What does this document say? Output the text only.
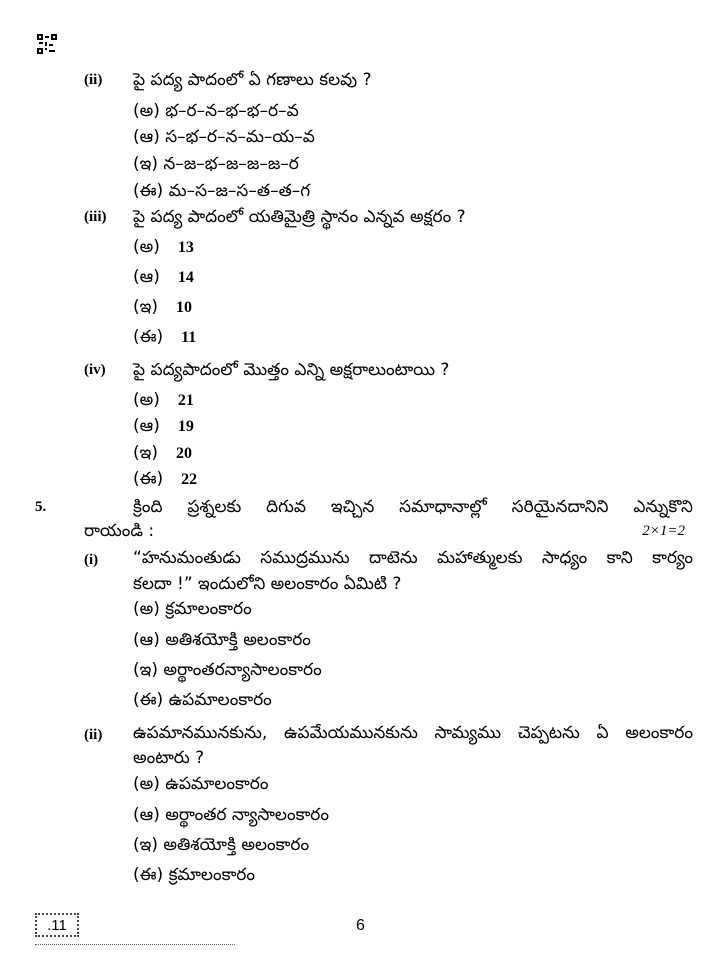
(ii) పై పద్య పాదంలో ఏ గణాలు కలవు ?
(అ) భ–ర–న–భ–భ–ర–వ
(ఆ) స–భ–ర–న–మ–య–వ
(ఇ) న–జ–భ–జ–జ–జ–ర
(ఈ) మ–స–జ–స–త–త–గ
(iii) పై పద్య పాదంలో యతిమైత్రి స్థానం ఎన్నవ అక్షరం ?
(అ) 13
(ఆ) 14
(ఇ) 10
(ఈ) 11
(iv) పై పద్యపాదంలో మొత్తం ఎన్ని అక్షరాలుంటాయి ?
(అ) 21
(ఆ) 19
(ఇ) 20
(ఈ) 22
5.	క్రింది ప్రశ్నలకు దిగువ ఇచ్చిన సమాధానాల్లో సరియైనదానిని ఎన్నుకొని
రాయండి :	2×1=2
(i) “హనుమంతుడు సముద్రమును దాటెను మహాత్ములకు సాధ్యం కాని కార్యం
కలదా !” ఇందులోని అలంకారం ఏమిటి ?
(అ) క్రమాలంకారం
(ఆ) అతిశయోక్తి అలంకారం
(ఇ) అర్థాంతరన్యాసాలంకారం
(ఈ) ఉపమాలంకారం
(ii) ఉపమానమునకును, ఉపమేయమునకును సామ్యము చెప్పటను ఏ అలంకారం
అంటారు ?
(అ) ఉపమాలంకారం
(ఆ) అర్థాంతర న్యాసాలంకారం
(ఇ) అతిశయోక్తి అలంకారం
(ఈ) క్రమాలంకారం
.11	6
